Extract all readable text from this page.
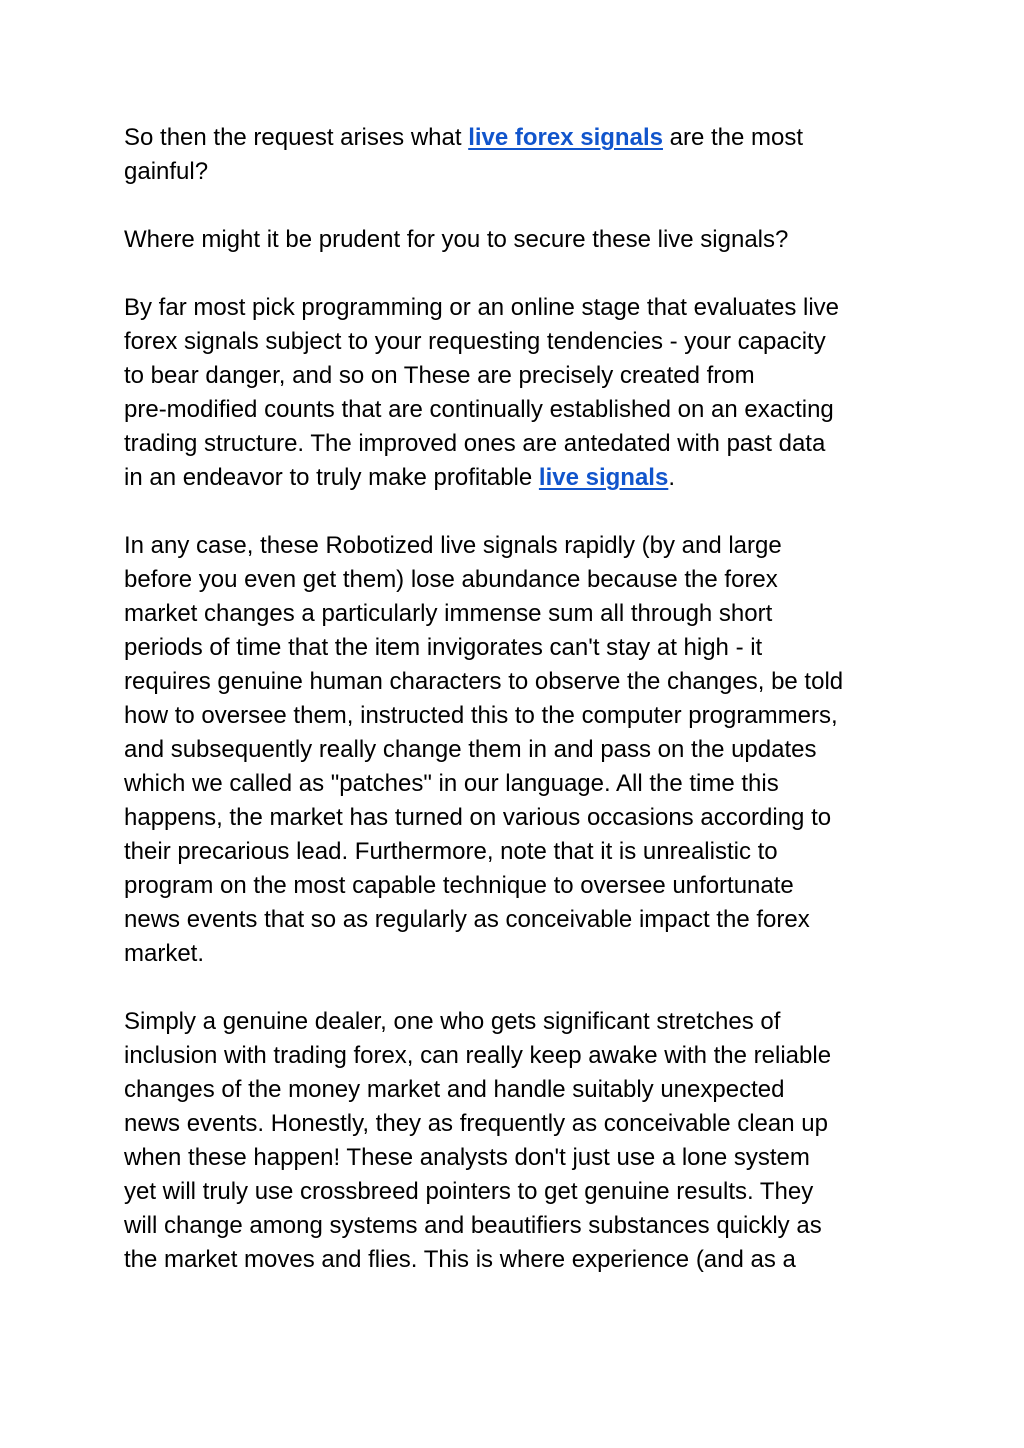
So then the request arises what live forex signals are the most
gainful?

Where might it be prudent for you to secure these live signals?

By far most pick programming or an online stage that evaluates live
forex signals subject to your requesting tendencies - your capacity
to bear danger, and so on These are precisely created from
pre-modified counts that are continually established on an exacting
trading structure. The improved ones are antedated with past data
in an endeavor to truly make profitable live signals.

In any case, these Robotized live signals rapidly (by and large
before you even get them) lose abundance because the forex
market changes a particularly immense sum all through short
periods of time that the item invigorates can't stay at high - it
requires genuine human characters to observe the changes, be told
how to oversee them, instructed this to the computer programmers,
and subsequently really change them in and pass on the updates
which we called as "patches" in our language. All the time this
happens, the market has turned on various occasions according to
their precarious lead. Furthermore, note that it is unrealistic to
program on the most capable technique to oversee unfortunate
news events that so as regularly as conceivable impact the forex
market.

Simply a genuine dealer, one who gets significant stretches of
inclusion with trading forex, can really keep awake with the reliable
changes of the money market and handle suitably unexpected
news events. Honestly, they as frequently as conceivable clean up
when these happen! These analysts don't just use a lone system
yet will truly use crossbreed pointers to get genuine results. They
will change among systems and beautifiers substances quickly as
the market moves and flies. This is where experience (and as a
